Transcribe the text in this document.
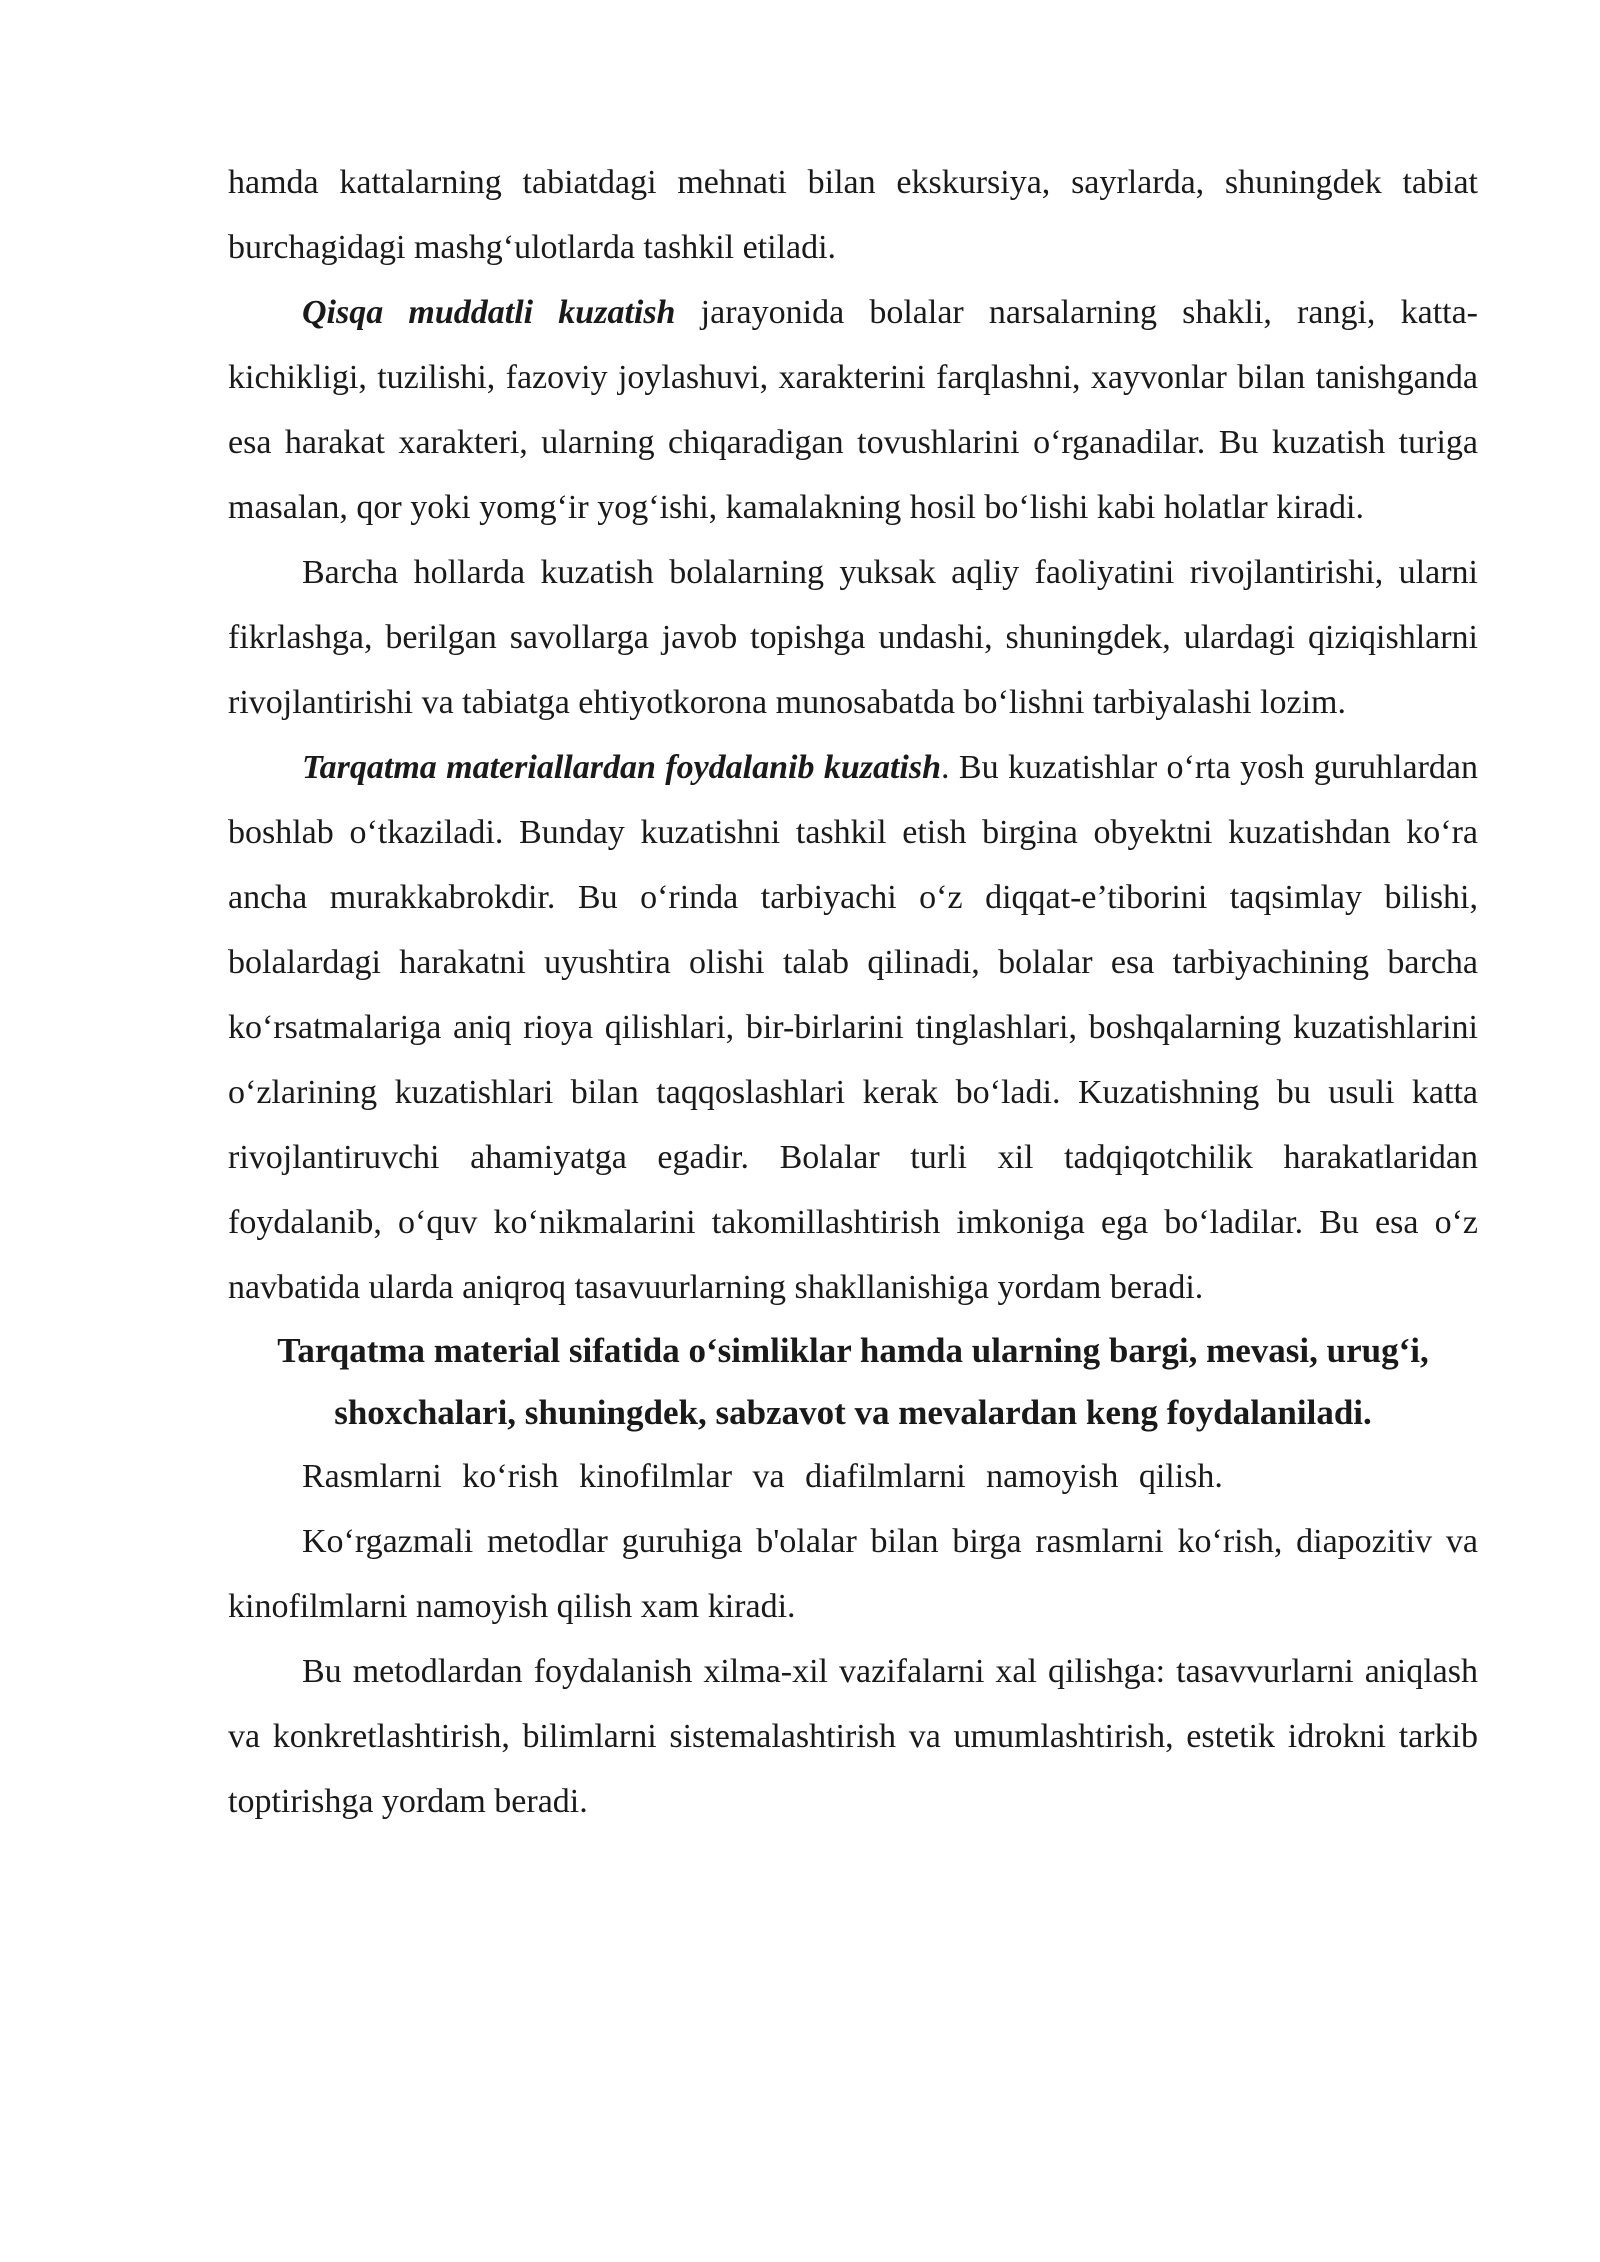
hamda kattalarning tabiatdagi mehnati bilan ekskursiya, sayrlarda, shuningdek tabiat burchagidagi mashg‘ulotlarda tashkil etiladi.

Qisqa muddatli kuzatish jarayonida bolalar narsalarning shakli, rangi, katta-kichikligi, tuzilishi, fazoviy joylashuvi, xarakterini farqlashni, xayvonlar bilan tanishganda esa harakat xarakteri, ularning chiqaradigan tovushlarini o‘rganadilar. Bu kuzatish turiga masalan, qor yoki yomg‘ir yog‘ishi, kamalakning hosil bo‘lishi kabi holatlar kiradi.

Barcha hollarda kuzatish bolalarning yuksak aqliy faoliyatini rivojlantirishi, ularni fikrlashga, berilgan savollarga javob topishga undashi, shuningdek, ulardagi qiziqishlarni rivojlantirishi va tabiatga ehtiyotkorona munosabatda bo‘lishni tarbiyalashi lozim.

Tarqatma materiallardan foydalanib kuzatish. Bu kuzatishlar o‘rta yosh guruhlardan boshlab o‘tkaziladi. Bunday kuzatishni tashkil etish birgina obyektni kuzatishdan ko‘ra ancha murakkabrokdir. Bu o‘rinda tarbiyachi o‘z diqqat-e’tiborini taqsimlay bilishi, bolalardagi harakatni uyushtira olishi talab qilinadi, bolalar esa tarbiyachining barcha ko‘rsatmalariga aniq rioya qilishlari, bir-birlarini tinglashlari, boshqalarning kuzatishlarini o‘zlarining kuzatishlari bilan taqqoslashlari kerak bo‘ladi. Kuzatishning bu usuli katta rivojlantiruvchi ahamiyatga egadir. Bolalar turli xil tadqiqotchilik harakatlaridan foydalanib, o‘quv ko‘nikmalarini takomillashtirish imkoniga ega bo‘ladilar. Bu esa o‘z navbatida ularda aniqroq tasavuurlarning shakllanishiga yordam beradi.

Tarqatma material sifatida o‘simliklar hamda ularning bargi, mevasi, urug‘i, shoxchalari, shuningdek, sabzavot va mevalardan keng foydalaniladi.

Rasmlarni ko‘rish kinofilmlar va diafilmlarni namoyish qilish.

Ko‘rgazmali metodlar guruhiga b'olalar bilan birga rasmlarni ko‘rish, diapozitiv va kinofilmlarni namoyish qilish xam kiradi.

Bu metodlardan foydalanish xilma-xil vazifalarni xal qilishga: tasavvurlarni aniqlash va konkretlashtirish, bilimlarni sistemalashtirish va umumlashtirish, estetik idrokni tarkib toptirishga yordam beradi.
